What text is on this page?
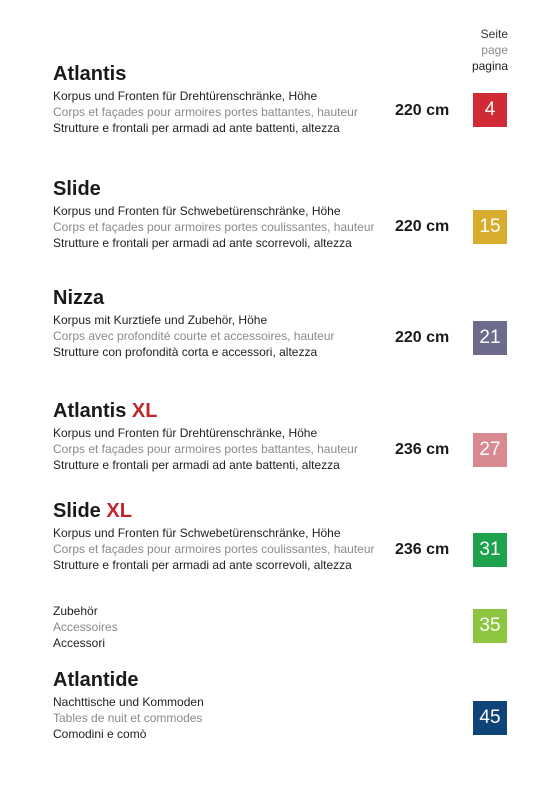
Seite
page
pagina
Atlantis
Korpus und Fronten für Drehtürenschränke, Höhe
Corps et façades pour armoires portes battantes, hauteur
Strutture e frontali per armadi ad ante battenti, altezza
220 cm	4
Slide
Korpus und Fronten für Schwebetürenschränke, Höhe
Corps et façades pour armoires portes coulissantes, hauteur
Strutture e frontali per armadi ad ante scorrevoli, altezza
220 cm	15
Nizza
Korpus mit Kurztiefe und Zubehör, Höhe
Corps avec profondité courte et accessoires, hauteur
Strutture con profondità corta e accessori, altezza
220 cm	21
Atlantis XL
Korpus und Fronten für Drehtürenschränke, Höhe
Corps et façades pour armoires portes battantes, hauteur
Strutture e frontali per armadi ad ante battenti, altezza
236 cm	27
Slide XL
Korpus und Fronten für Schwebetürenschränke, Höhe
Corps et façades pour armoires portes coulissantes, hauteur
Strutture e frontali per armadi ad ante scorrevoli, altezza
236 cm	31
Zubehör
Accessoires
Accessori
35
Atlantide
Nachttische und Kommoden
Tables de nuit et commodes
Comodini e comò
45
